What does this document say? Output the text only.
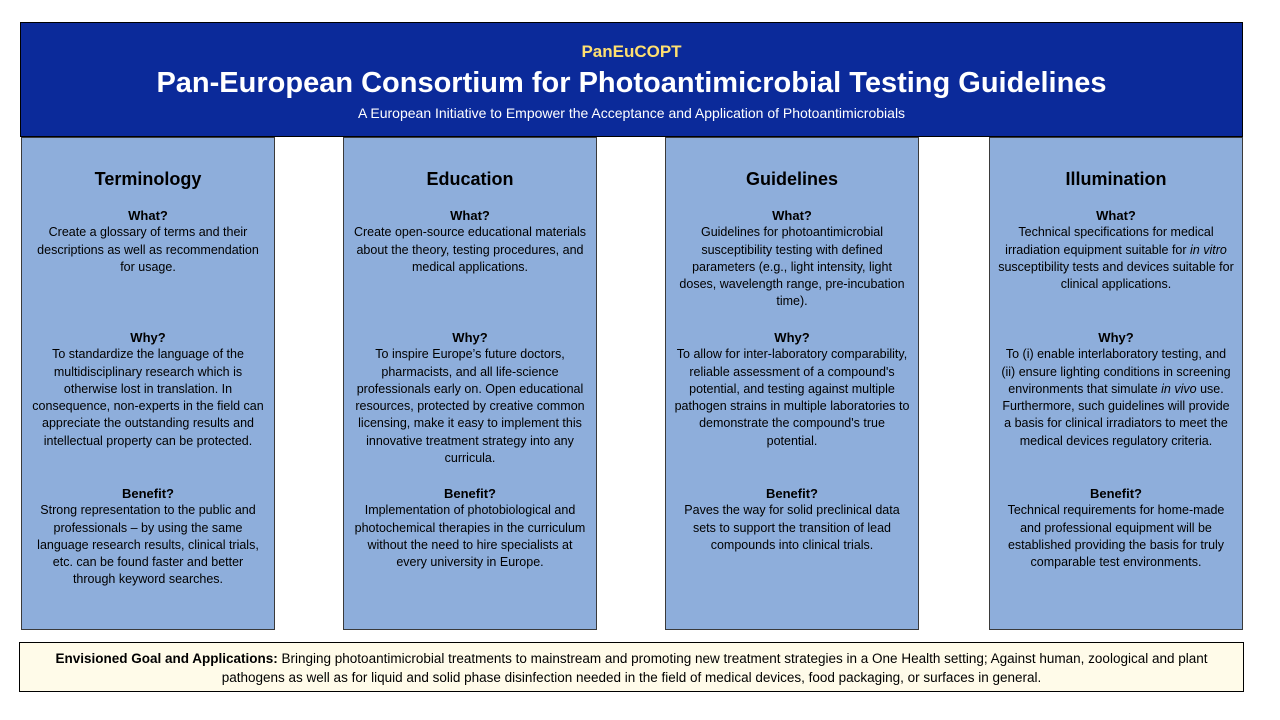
PanEuCOPT
Pan-European Consortium for Photoantimicrobial Testing Guidelines
A European Initiative to Empower the Acceptance and Application of Photoantimicrobials
Terminology
What?
Create a glossary of terms and their descriptions as well as recommendation for usage.
Why?
To standardize the language of the multidisciplinary research which is otherwise lost in translation. In consequence, non-experts in the field can appreciate the outstanding results and intellectual property can be protected.
Benefit?
Strong representation to the public and professionals – by using the same language research results, clinical trials, etc. can be found faster and better through keyword searches.
Education
What?
Create open-source educational materials about the theory, testing procedures, and medical applications.
Why?
To inspire Europe’s future doctors, pharmacists, and all life-science professionals early on. Open educational resources, protected by creative common licensing, make it easy to implement this innovative treatment strategy into any curricula.
Benefit?
Implementation of photobiological and photochemical therapies in the curriculum without the need to hire specialists at every university in Europe.
Guidelines
What?
Guidelines for photoantimicrobial susceptibility testing with defined parameters (e.g., light intensity, light doses, wavelength range, pre-incubation time).
Why?
To allow for inter-laboratory comparability, reliable assessment of a compound's potential, and testing against multiple pathogen strains in multiple laboratories to demonstrate the compound's true potential.
Benefit?
Paves the way for solid preclinical data sets to support the transition of lead compounds into clinical trials.
Illumination
What?
Technical specifications for medical irradiation equipment suitable for in vitro susceptibility tests and devices suitable for clinical applications.
Why?
To (i) enable interlaboratory testing, and (ii) ensure lighting conditions in screening environments that simulate in vivo use. Furthermore, such guidelines will provide a basis for clinical irradiators to meet the medical devices regulatory criteria.
Benefit?
Technical requirements for home-made and professional equipment will be established providing the basis for truly comparable test environments.
Envisioned Goal and Applications: Bringing photoantimicrobial treatments to mainstream and promoting new treatment strategies in a One Health setting; Against human, zoological and plant pathogens as well as for liquid and solid phase disinfection needed in the field of medical devices, food packaging, or surfaces in general.
